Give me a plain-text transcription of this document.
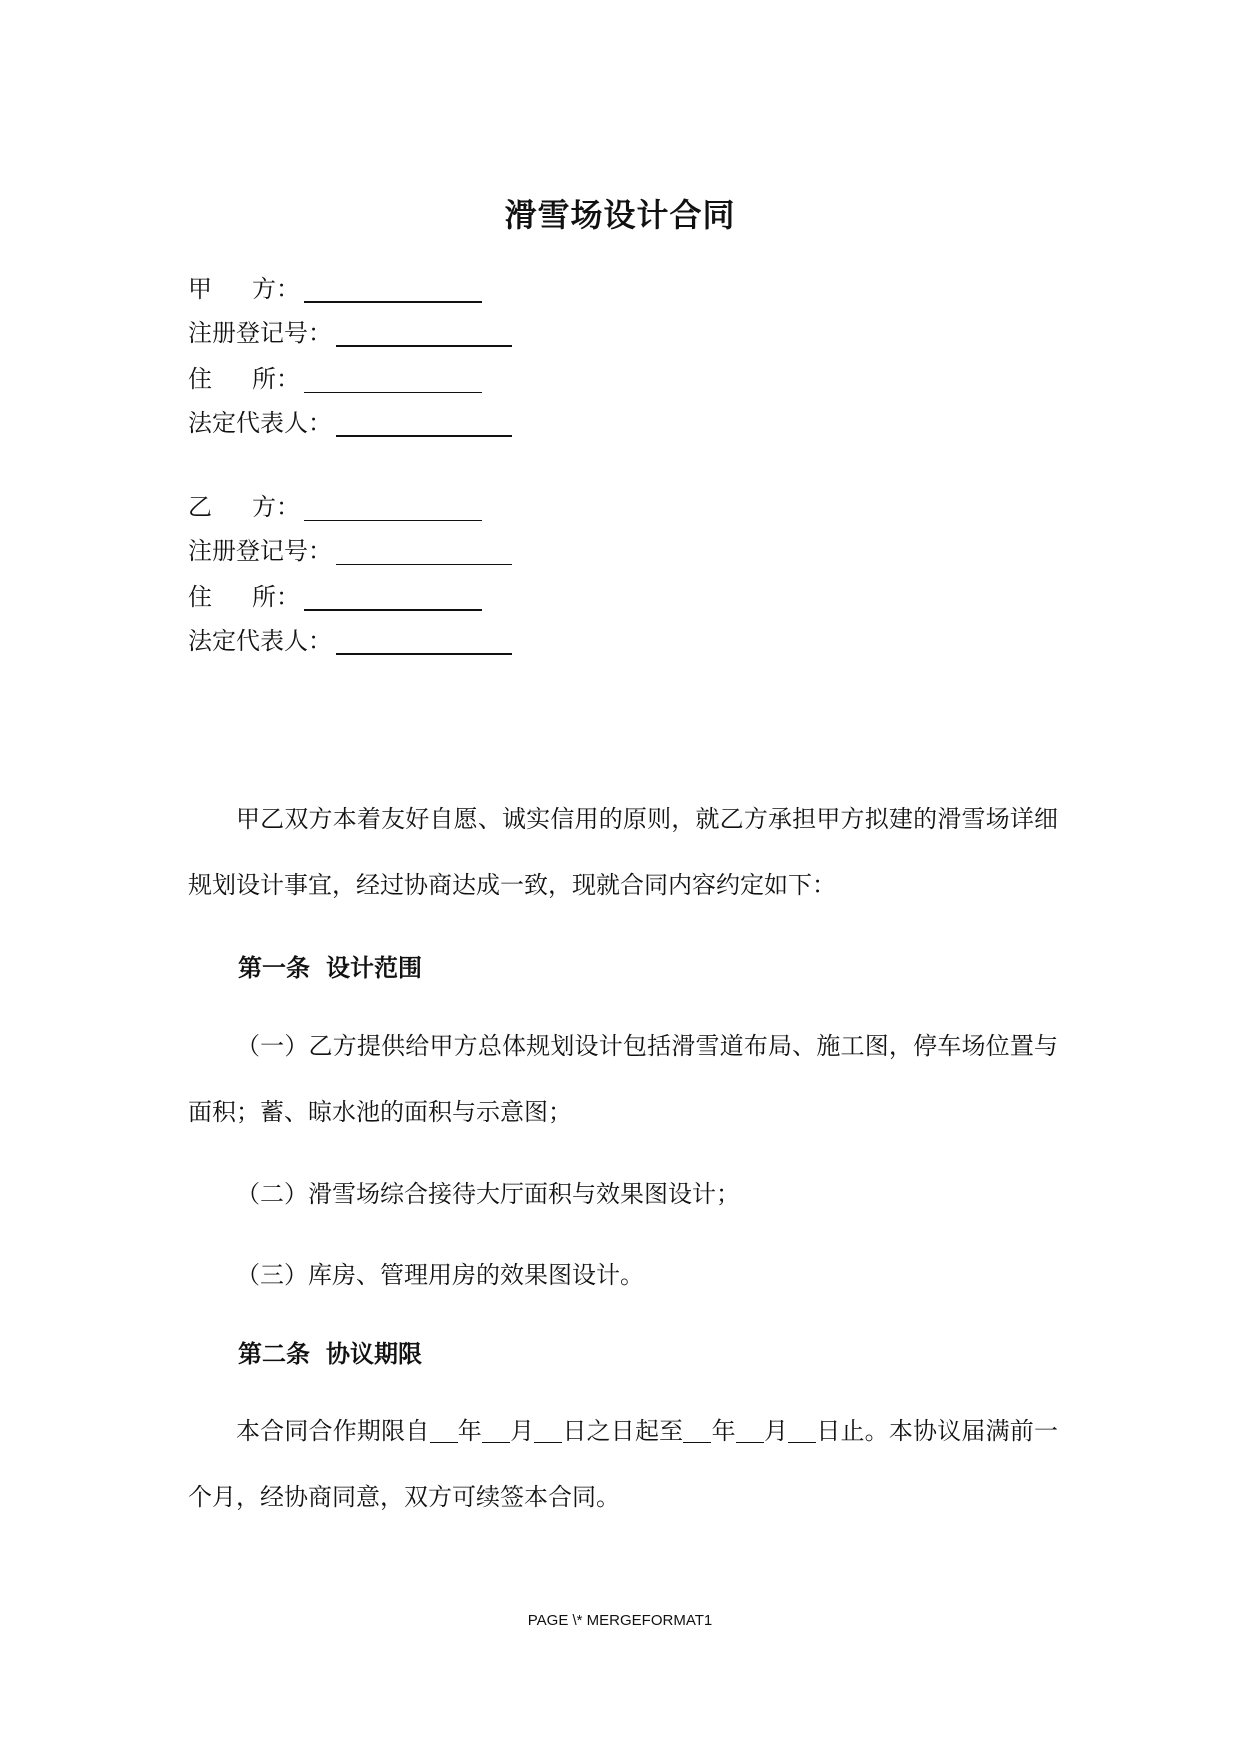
滑雪场设计合同
甲 方：
注册登记号：
住 所：
法定代表人：
乙 方：
注册登记号：
住 所：
法定代表人：
甲乙双方本着友好自愿、诚实信用的原则，就乙方承担甲方拟建的滑雪场详细规划设计事宜，经过协商达成一致，现就合同内容约定如下：
第一条 设计范围
（一）乙方提供给甲方总体规划设计包括滑雪道布局、施工图，停车场位置与面积；蓄、晾水池的面积与示意图；
（二）滑雪场综合接待大厅面积与效果图设计；
（三）库房、管理用房的效果图设计。
第二条 协议期限
本合同合作期限自 年 月 日之日起至 年 月 日止。本协议届满前一个月，经协商同意，双方可续签本合同。
PAGE \* MERGEFORMAT1
